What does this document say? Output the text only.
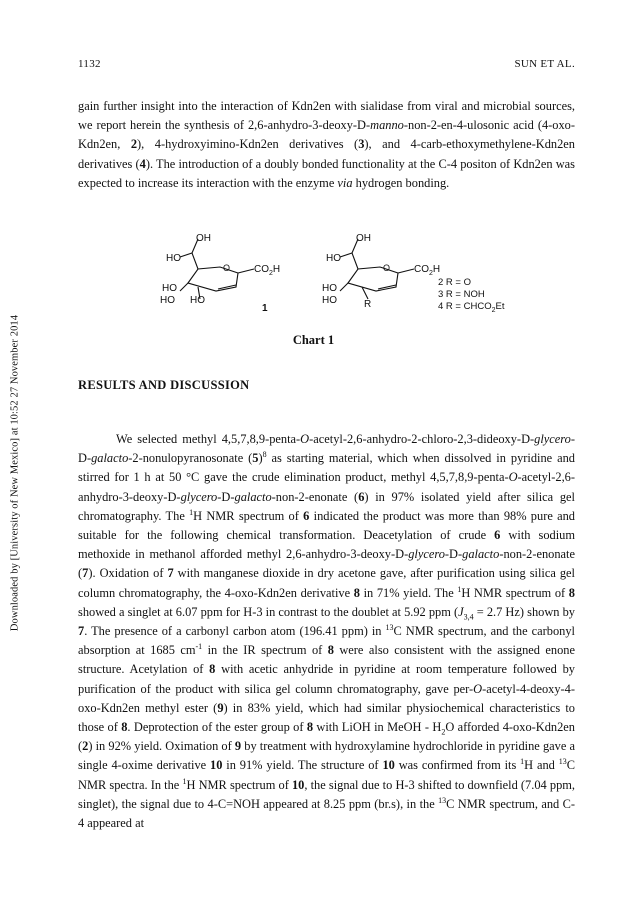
Downloaded by [University of New Mexico] at 10:52 27 November 2014
1132	SUN ET AL.
gain further insight into the interaction of Kdn2en with sialidase from viral and microbial sources, we report herein the synthesis of 2,6-anhydro-3-deoxy-D-manno-non-2-en-4-ulosonic acid (4-oxo-Kdn2en, 2), 4-hydroxyimino-Kdn2en derivatives (3), and 4-carb-ethoxymethylene-Kdn2en derivatives (4). The introduction of a doubly bonded functionality at the C-4 positon of Kdn2en was expected to increase its interaction with the enzyme via hydrogen bonding.
HO
OH
O $CO_2H$
HO
HO HO
1
HO
OH
O $CO_2H$
HO
HO	R
2 R = O
3 R = NOH
4 $R = CHCO_2Et$
Chart 1
RESULTS AND DISCUSSION
We selected methyl 4,5,7,8,9-penta-O-acetyl-2,6-anhydro-2-chloro-2,3-dideoxy-D-glycero-D-galacto-2-nonulopyranosonate $(5)^8$ as starting material, which when dissolved in pyridine and stirred for 1 h at 50 °C gave the crude elimination product, methyl 4,5,7,8,9-penta-O-acetyl-2,6-anhydro-3-deoxy-D-glycero-D-galacto-non-2-enonate (6) in 97% isolated yield after silica gel chromatography. The $^1$H NMR spectrum of 6 indicated the product was more than 98% pure and suitable for the following chemical transformation. Deacetylation of crude 6 with sodium methoxide in methanol afforded methyl 2,6-anhydro-3-deoxy-D-glycero-D-galacto-non-2-enonate (7). Oxidation of 7 with manganese dioxide in dry acetone gave, after purification using silica gel column chromatography, the 4-oxo-Kdn2en derivative 8 in 71% yield. The $^1$H NMR spectrum of 8 showed a singlet at 6.07 ppm for H-3 in contrast to the doublet at 5.92 ppm ($J_{3,4} = 2.7$ Hz) shown by 7. The presence of a carbonyl carbon atom (196.41 ppm) in $^{13}$C NMR spectrum, and the carbonyl absorption at 1685 $cm^{-1}$ in the IR spectrum of 8 were also consistent with the assigned enone structure. Acetylation of 8 with acetic anhydride in pyridine at room temperature followed by purification of the product with silica gel column chromatography, gave per-O-acetyl-4-deoxy-4-oxo-Kdn2en methyl ester (9) in 83% yield, which had similar physiochemical characteristics to those of 8. Deprotection of the ester group of 8 with LiOH in MeOH - $H_2O$ afforded 4-oxo-Kdn2en (2) in 92% yield. Oximation of 9 by treatment with hydroxylamine hydrochloride in pyridine gave a single 4-oxime derivative 10 in 91% yield. The structure of 10 was confirmed from its $^1$H and $^{13}$C NMR spectra. In the $^1$H NMR spectrum of 10, the signal due to H-3 shifted to downfield (7.04 ppm, singlet), the signal due to 4-C=NOH appeared at 8.25 ppm (br.s), in the $^{13}$C NMR spectrum, and C-4 appeared at
